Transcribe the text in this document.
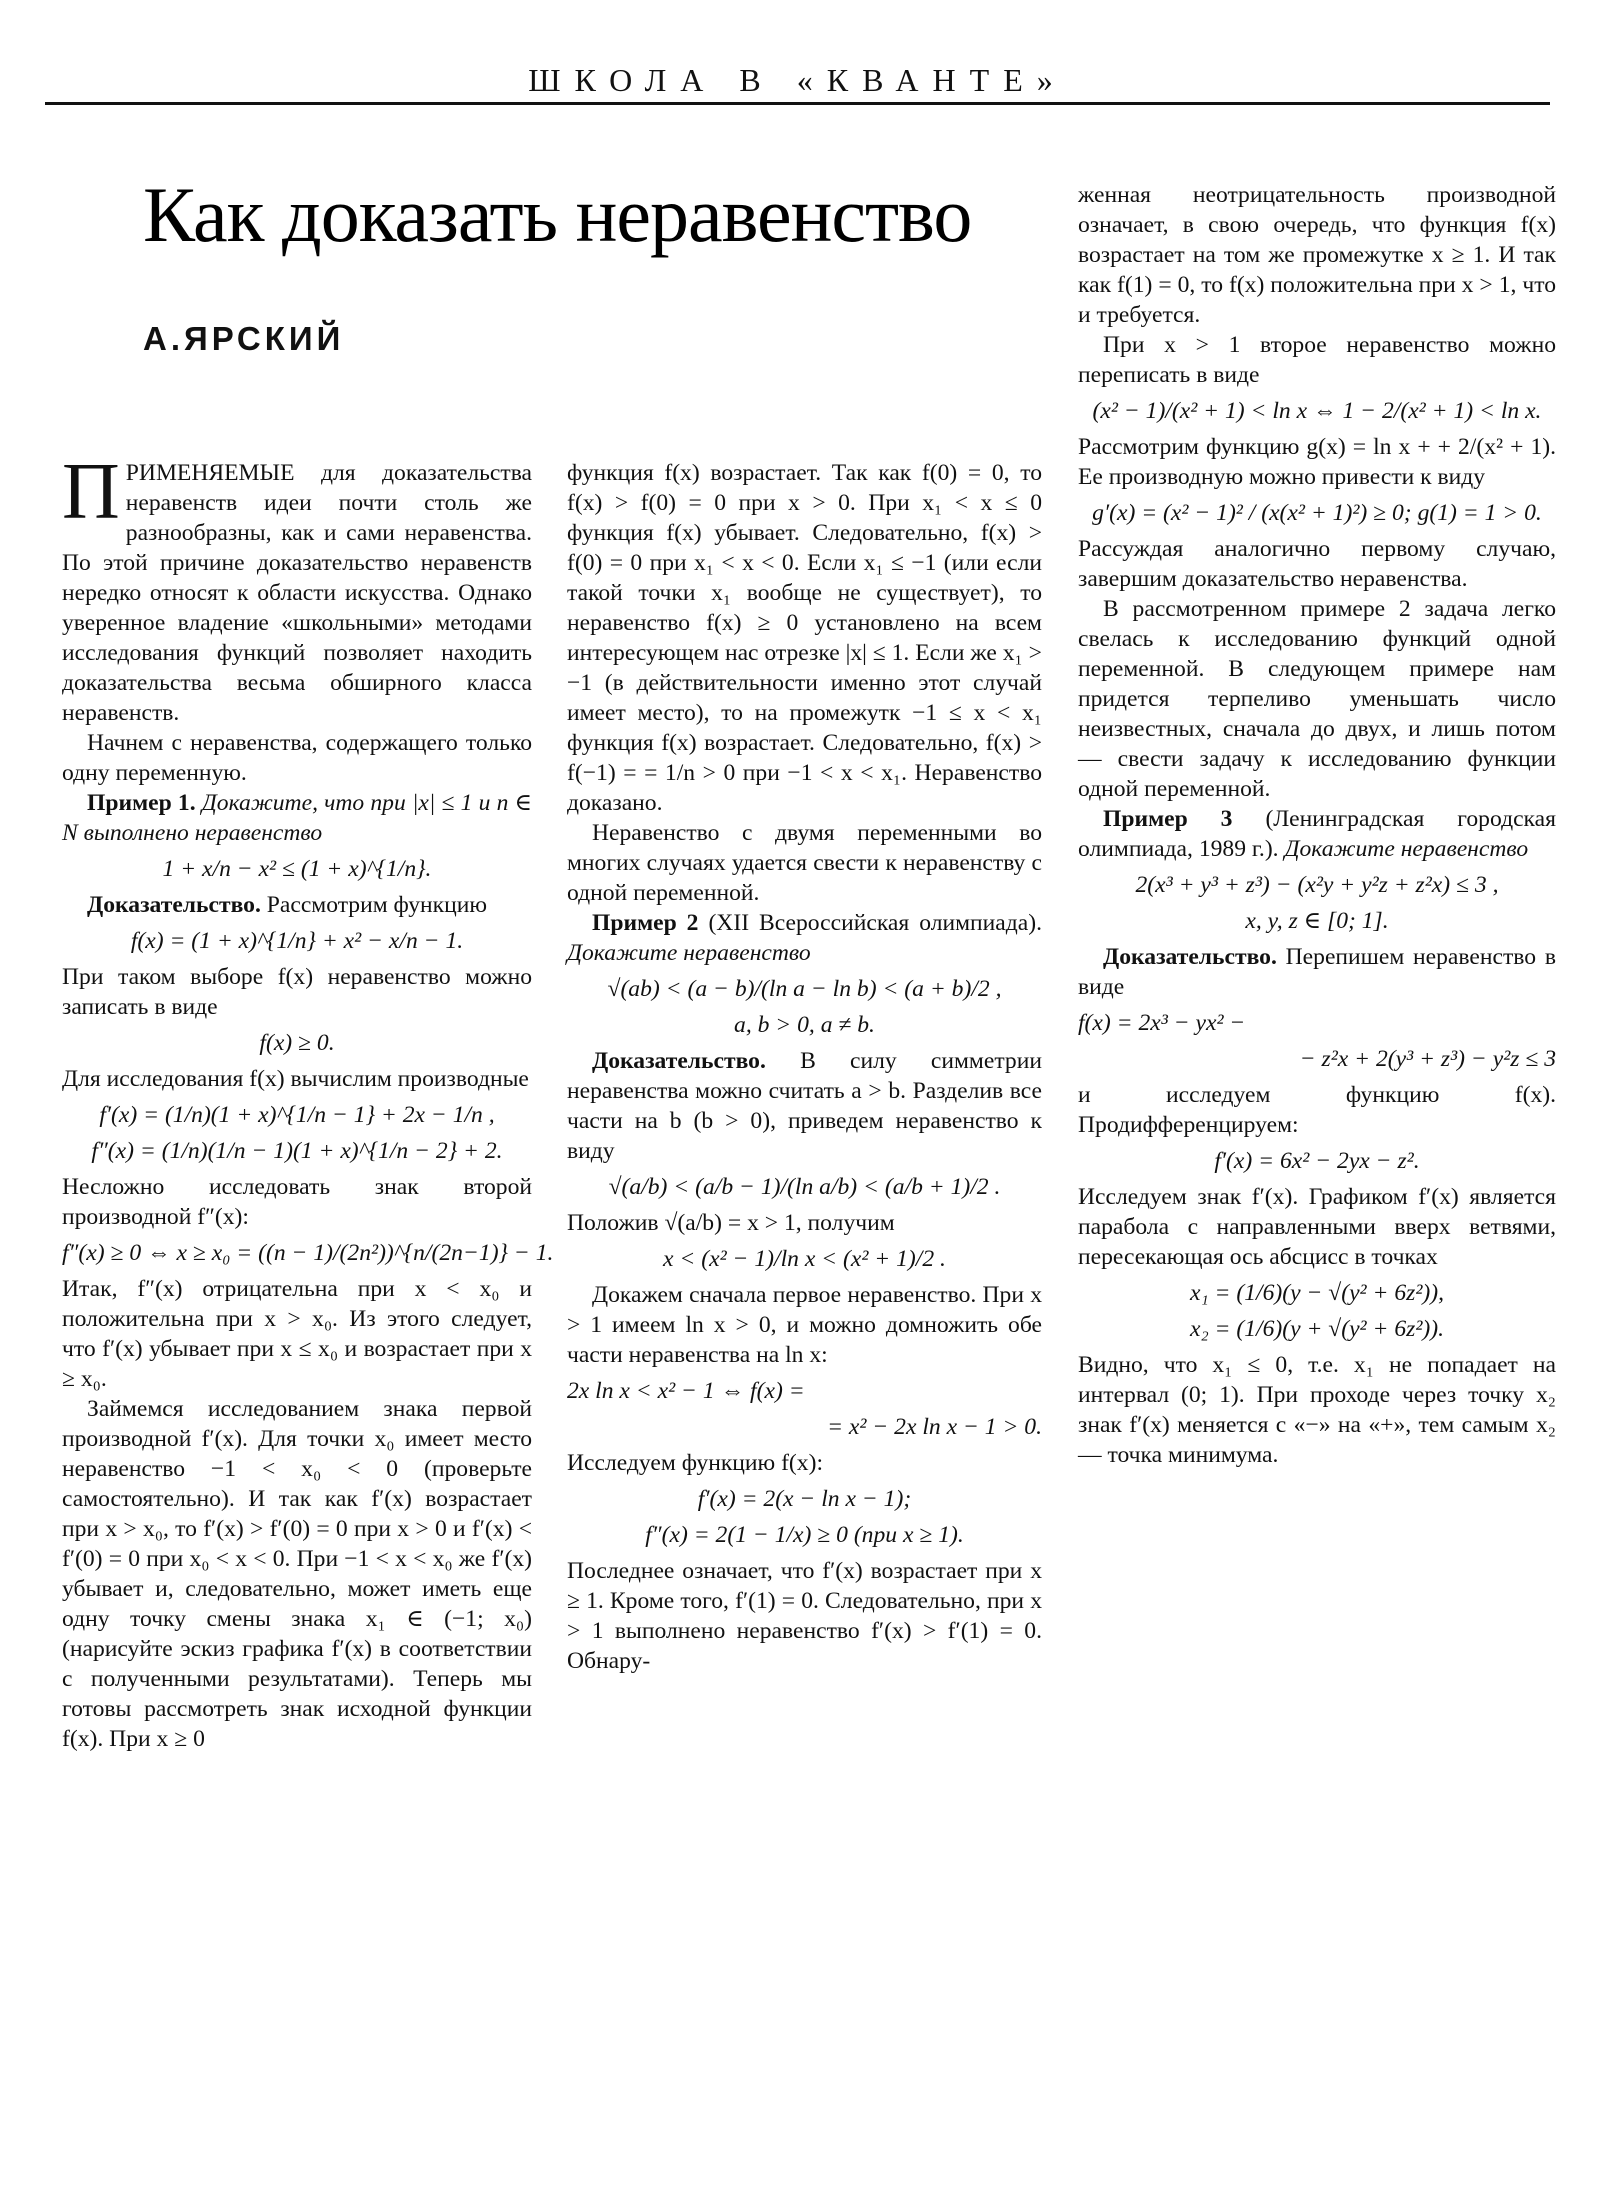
ШКОЛА В «КВАНТЕ»
Как доказать неравенство
А.ЯРСКИЙ

ПРИМЕНЯЕМЫЕ для доказательства неравенств идеи почти столь же разнообразны, как и сами неравенства. По этой причине доказательство неравенств нередко относят к области искусства. Однако уверенное владение «школьными» методами исследования функций позволяет находить доказательства весьма обширного класса неравенств.

Начнем с неравенства, содержащего только одну переменную.

Пример 1. Докажите, что при |x| ≤ 1 и n ∈ N выполнено неравенство

1 + x/n − x² ≤ (1 + x)^{1/n}.

Доказательство. Рассмотрим функцию

f(x) = (1 + x)^{1/n} + x² − x/n − 1.

При таком выборе f(x) неравенство можно записать в виде

f(x) ≥ 0.

Для исследования f(x) вычислим производные

f′(x) = (1/n)(1 + x)^{1/n − 1} + 2x − 1/n ,
f″(x) = (1/n)(1/n − 1)(1 + x)^{1/n − 2} + 2.

Несложно исследовать знак второй производной f″(x):

f″(x) ≥ 0 ⇔ x ≥ x₀ = ((n − 1)/(2n²))^{n/(2n−1)} − 1.

Итак, f″(x) отрицательна при x < x₀ и положительна при x > x₀. Из этого следует, что f′(x) убывает при x ≤ x₀ и возрастает при x ≥ x₀.

Займемся исследованием знака первой производной f′(x). Для точки x₀ имеет место неравенство −1 < x₀ < 0 (проверьте самостоятельно). И так как f′(x) возрастает при x > x₀, то f′(x) > f′(0) = 0 при x > 0 и f′(x) < f′(0) = 0 при x₀ < x < 0. При −1 < x < x₀ же f′(x) убывает и, следовательно, может иметь еще одну точку смены знака x₁ ∈ (−1; x₀) (нарисуйте эскиз графика f′(x) в соответствии с полученными результатами). Теперь мы готовы рассмотреть знак исходной функции f(x). При x ≥ 0

функция f(x) возрастает. Так как f(0) = 0, то f(x) > f(0) = 0 при x > 0. При x₁ < x ≤ 0 функция f(x) убывает. Следовательно, f(x) > f(0) = 0 при x₁ < x < 0. Если x₁ ≤ −1 (или если такой точки x₁ вообще не существует), то неравенство f(x) ≥ 0 установлено на всем интересующем нас отрезке |x| ≤ 1. Если же x₁ > −1 (в действительности именно этот случай имеет место), то на промежутк −1 ≤ x < x₁ функция f(x) возрастает. Следовательно, f(x) > f(−1) = = 1/n > 0 при −1 < x < x₁. Неравенство доказано.

Неравенство с двумя переменными во многих случаях удается свести к неравенству с одной переменной.

Пример 2 (XII Всероссийская олимпиада). Докажите неравенство

√(ab) < (a − b)/(ln a − ln b) < (a + b)/2 ,
a, b > 0, a ≠ b.

Доказательство. В силу симметрии неравенства можно считать a > b. Разделив все части на b (b > 0), приведем неравенство к виду

√(a/b) < (a/b − 1)/(ln a/b) < (a/b + 1)/2 .

Положив √(a/b) = x > 1, получим

x < (x² − 1)/ln x < (x² + 1)/2 .

Докажем сначала первое неравенство. При x > 1 имеем ln x > 0, и можно домножить обе части неравенства на ln x:

2x ln x < x² − 1 ⇔ f(x) =
= x² − 2x ln x − 1 > 0.

Исследуем функцию f(x):

f′(x) = 2(x − ln x − 1);
f″(x) = 2(1 − 1/x) ≥ 0 (при x ≥ 1).

Последнее означает, что f′(x) возрастает при x ≥ 1. Кроме того, f′(1) = 0. Следовательно, при x > 1 выполнено неравенство f′(x) > f′(1) = 0. Обнару-

женная неотрицательность производной означает, в свою очередь, что функция f(x) возрастает на том же промежутке x ≥ 1. И так как f(1) = 0, то f(x) положительна при x > 1, что и требуется.

При x > 1 второе неравенство можно переписать в виде

(x² − 1)/(x² + 1) < ln x ⇔ 1 − 2/(x² + 1) < ln x.

Рассмотрим функцию g(x) = ln x + + 2/(x² + 1). Ее производную можно привести к виду

g′(x) = (x² − 1)² / (x(x² + 1)²) ≥ 0; g(1) = 1 > 0.

Рассуждая аналогично первому случаю, завершим доказательство неравенства.

В рассмотренном примере 2 задача легко свелась к исследованию функций одной переменной. В следующем примере нам придется терпеливо уменьшать число неизвестных, сначала до двух, и лишь потом — свести задачу к исследованию функции одной переменной.

Пример 3 (Ленинградская городская олимпиада, 1989 г.). Докажите неравенство

2(x³ + y³ + z³) − (x²y + y²z + z²x) ≤ 3 ,
x, y, z ∈ [0; 1].

Доказательство. Перепишем неравенство в виде

f(x) = 2x³ − yx² −
− z²x + 2(y³ + z³) − y²z ≤ 3

и исследуем функцию f(x). Продифференцируем:

f′(x) = 6x² − 2yx − z².

Исследуем знак f′(x). Графиком f′(x) является парабола с направленными вверх ветвями, пересекающая ось абсцисс в точках

x₁ = (1/6)(y − √(y² + 6z²)),
x₂ = (1/6)(y + √(y² + 6z²)).

Видно, что x₁ ≤ 0, т.е. x₁ не попадает на интервал (0; 1). При проходе через точку x₂ знак f′(x) меняется с «−» на «+», тем самым x₂ — точка минимума.
